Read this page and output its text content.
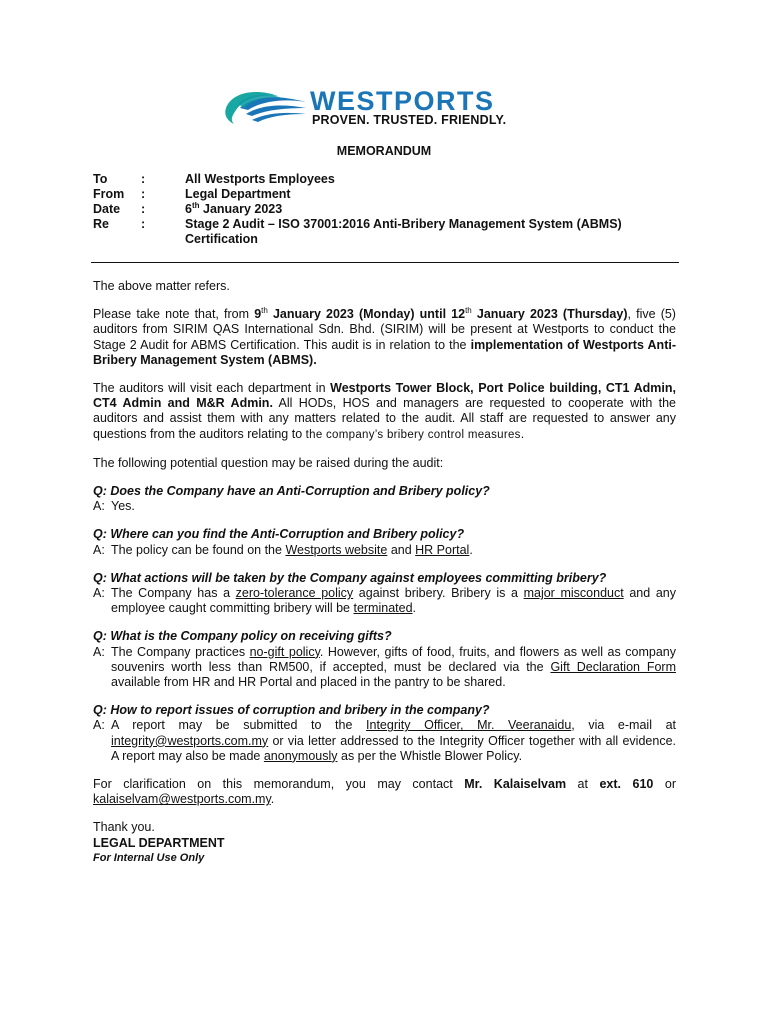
WESTPORTS
PROVEN. TRUSTED. FRIENDLY.
MEMORANDUM
To	:	All Westports Employees
From	:	Legal Department
Date	:	6th January 2023
Re	:	Stage 2 Audit – ISO 37001:2016 Anti-Bribery Management System (ABMS) Certification

The above matter refers.

Please take note that, from 9th January 2023 (Monday) until 12th January 2023 (Thursday), five (5) auditors from SIRIM QAS International Sdn. Bhd. (SIRIM) will be present at Westports to conduct the Stage 2 Audit for ABMS Certification. This audit is in relation to the implementation of Westports Anti-Bribery Management System (ABMS).

The auditors will visit each department in Westports Tower Block, Port Police building, CT1 Admin, CT4 Admin and M&R Admin. All HODs, HOS and managers are requested to cooperate with the auditors and assist them with any matters related to the audit. All staff are requested to answer any questions from the auditors relating to the company’s bribery control measures.

The following potential question may be raised during the audit:

Q: Does the Company have an Anti-Corruption and Bribery policy?
A: Yes.
Q: Where can you find the Anti-Corruption and Bribery policy?
A: The policy can be found on the Westports website and HR Portal.
Q: What actions will be taken by the Company against employees committing bribery?
A: The Company has a zero-tolerance policy against bribery. Bribery is a major misconduct and any employee caught committing bribery will be terminated.
Q: What is the Company policy on receiving gifts?
A: The Company practices no-gift policy. However, gifts of food, fruits, and flowers as well as company souvenirs worth less than RM500, if accepted, must be declared via the Gift Declaration Form available from HR and HR Portal and placed in the pantry to be shared.
Q: How to report issues of corruption and bribery in the company?
A: A report may be submitted to the Integrity Officer, Mr. Veeranaidu, via e-mail at integrity@westports.com.my or via letter addressed to the Integrity Officer together with all evidence. A report may also be made anonymously as per the Whistle Blower Policy.

For clarification on this memorandum, you may contact Mr. Kalaiselvam at ext. 610 or kalaiselvam@westports.com.my.

Thank you.
LEGAL DEPARTMENT
For Internal Use Only
